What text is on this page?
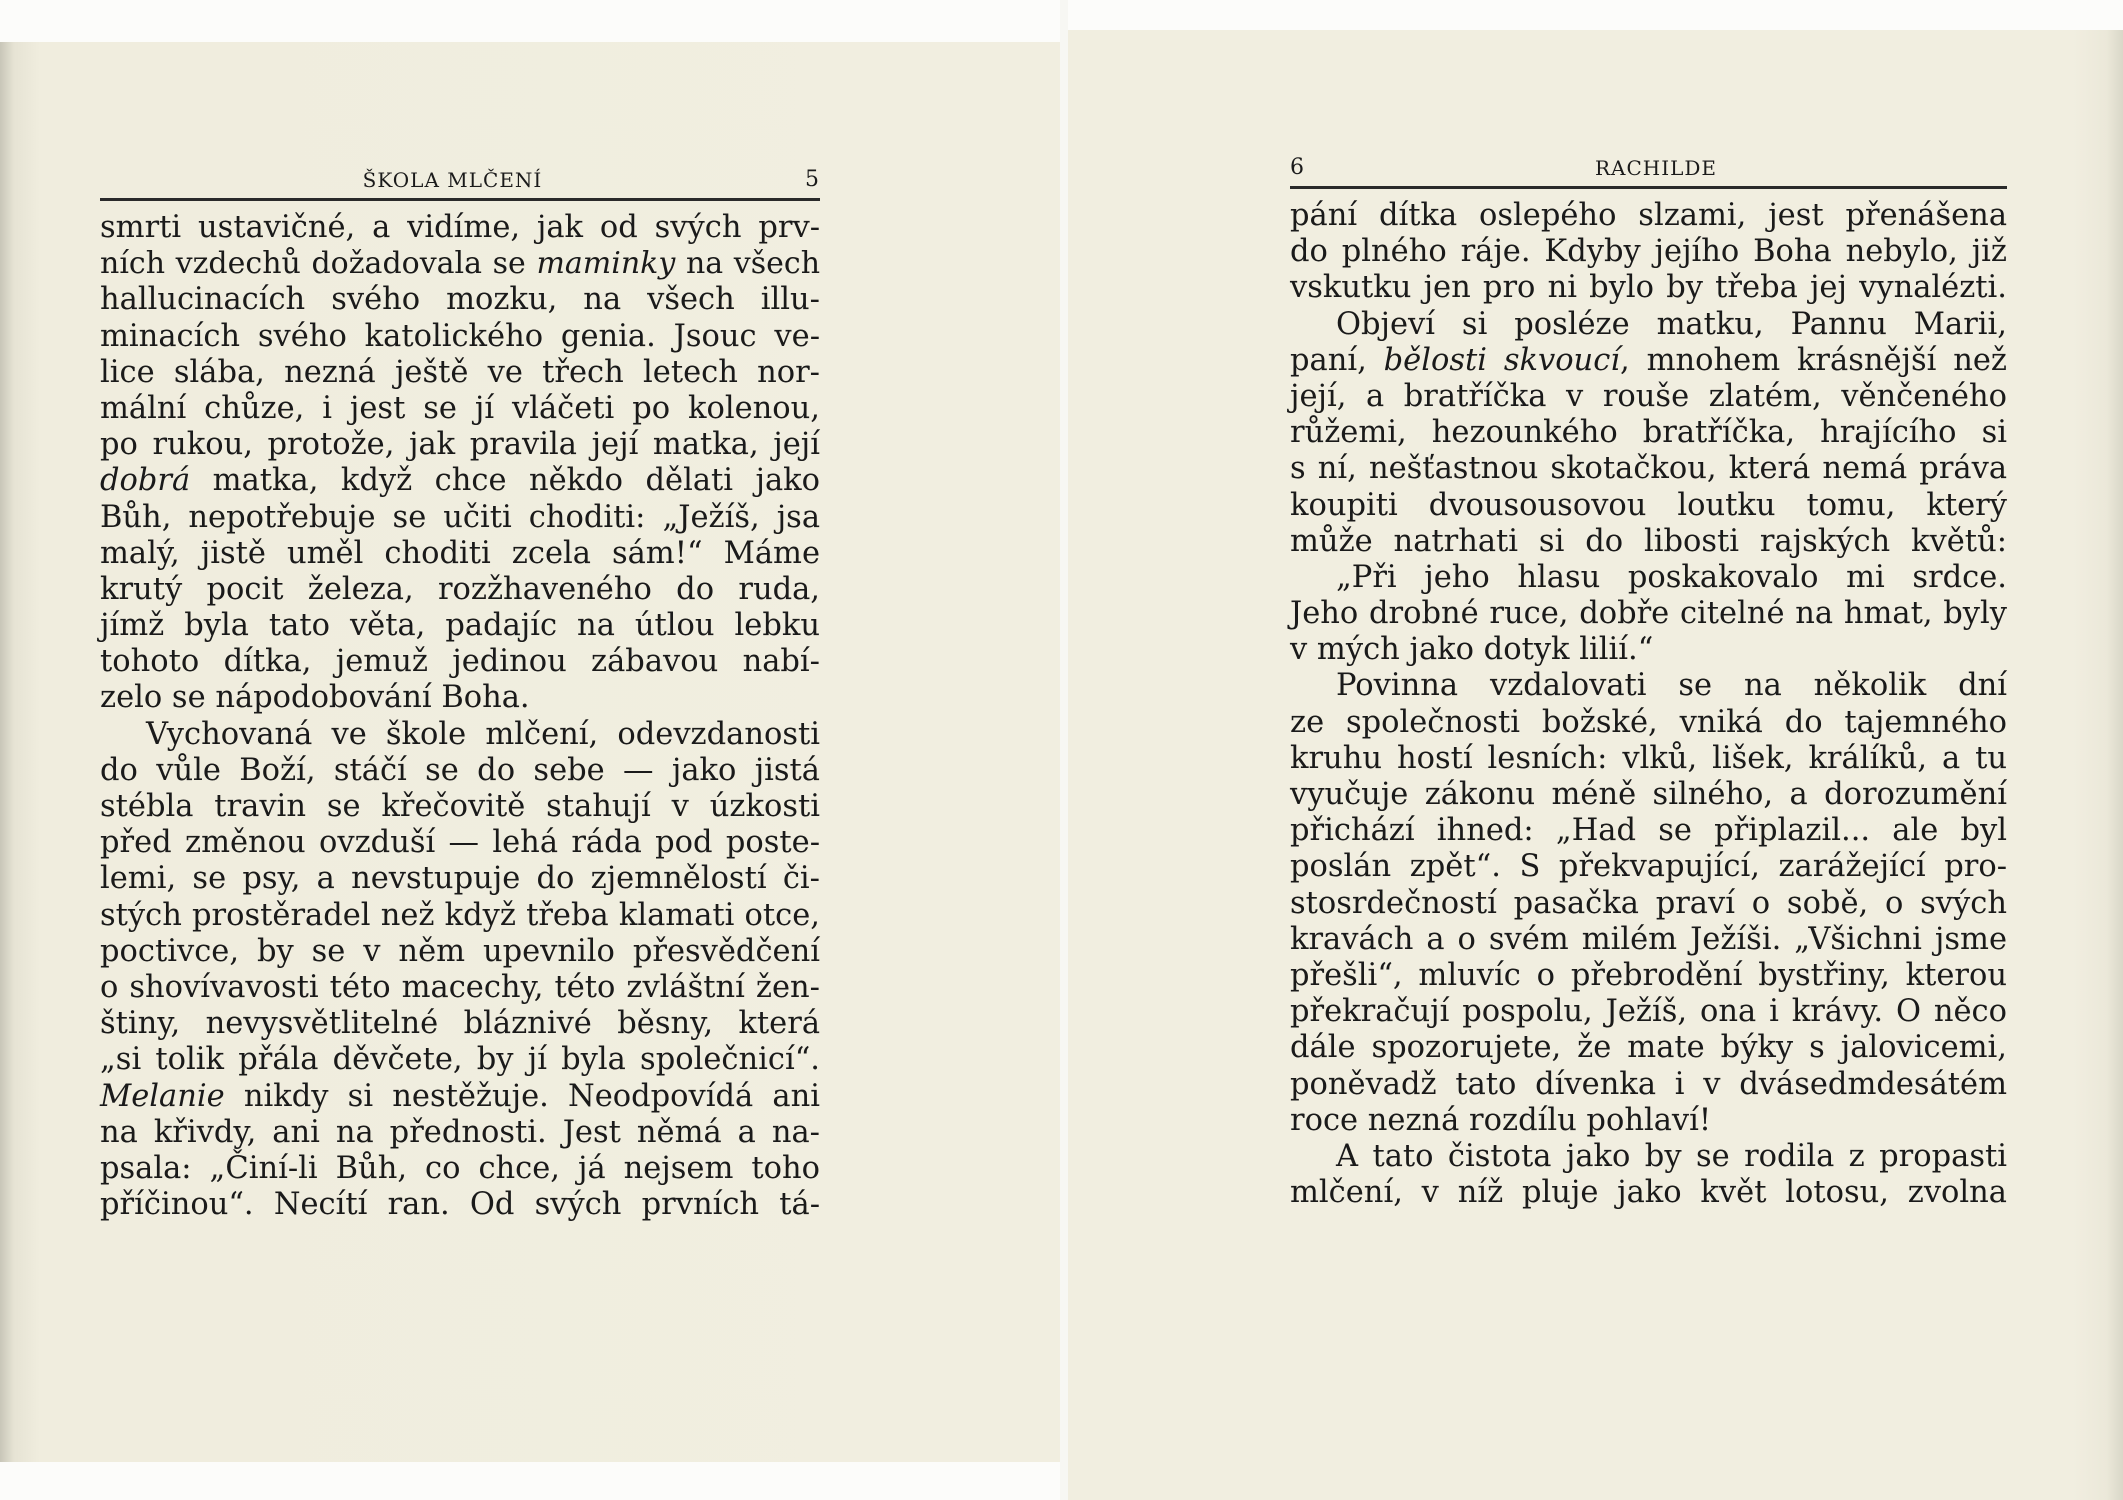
ŠKOLA MLČENÍ	5
smrti ustavičné, a vidíme, jak od svých prv-
ních vzdechů dožadovala se maminky na všech
hallucinacích svého mozku, na všech illu-
minacích svého katolického genia. Jsouc ve-
lice slába, nezná ještě ve třech letech nor-
mální chůze, i jest se jí vláčeti po kolenou,
po rukou, protože, jak pravila její matka, její
dobrá matka, když chce někdo dělati jako
Bůh, nepotřebuje se učiti choditi: „Ježíš, jsa
malý, jistě uměl choditi zcela sám!“ Máme
krutý pocit železa, rozžhaveného do ruda,
jímž byla tato věta, padajíc na útlou lebku
tohoto dítka, jemuž jedinou zábavou nabí-
zelo se nápodobování Boha.
Vychovaná ve škole mlčení, odevzdanosti
do vůle Boží, stáčí se do sebe — jako jistá
stébla travin se křečovitě stahují v úzkosti
před změnou ovzduší — lehá ráda pod poste-
lemi, se psy, a nevstupuje do zjemnělostí či-
stých prostěradel než když třeba klamati otce,
poctivce, by se v něm upevnilo přesvědčení
o shovívavosti této macechy, této zvláštní žen-
štiny, nevysvětlitelné bláznivé běsny, která
„si tolik přála děvčete, by jí byla společnicí“.
Melanie nikdy si nestěžuje. Neodpovídá ani
na křivdy, ani na přednosti. Jest němá a na-
psala: „Činí-li Bůh, co chce, já nejsem toho
příčinou“. Necítí ran. Od svých prvních tá-
6	RACHILDE
pání dítka oslepého slzami, jest přenášena
do plného ráje. Kdyby jejího Boha nebylo, již
vskutku jen pro ni bylo by třeba jej vynalézti.
Objeví si posléze matku, Pannu Marii,
paní, bělosti skvoucí, mnohem krásnější než
její, a bratříčka v rouše zlatém, věnčeného
růžemi, hezounkého bratříčka, hrajícího si
s ní, nešťastnou skotačkou, která nemá práva
koupiti dvousousovou loutku tomu, který
může natrhati si do libosti rajských květů:
„Při jeho hlasu poskakovalo mi srdce.
Jeho drobné ruce, dobře citelné na hmat, byly
v mých jako dotyk lilií.“
Povinna vzdalovati se na několik dní
ze společnosti božské, vniká do tajemného
kruhu hostí lesních: vlků, lišek, králíků, a tu
vyučuje zákonu méně silného, a dorozumění
přichází ihned: „Had se připlazil... ale byl
poslán zpět“. S překvapující, zarážející pro-
stosrdečností pasačka praví o sobě, o svých
kravách a o svém milém Ježíši. „Všichni jsme
přešli“, mluvíc o přebrodění bystřiny, kterou
překračují pospolu, Ježíš, ona i krávy. O něco
dále spozorujete, že mate býky s jalovicemi,
poněvadž tato dívenka i v dvásedmdesátém
roce nezná rozdílu pohlaví!
A tato čistota jako by se rodila z propasti
mlčení, v níž pluje jako květ lotosu, zvolna
